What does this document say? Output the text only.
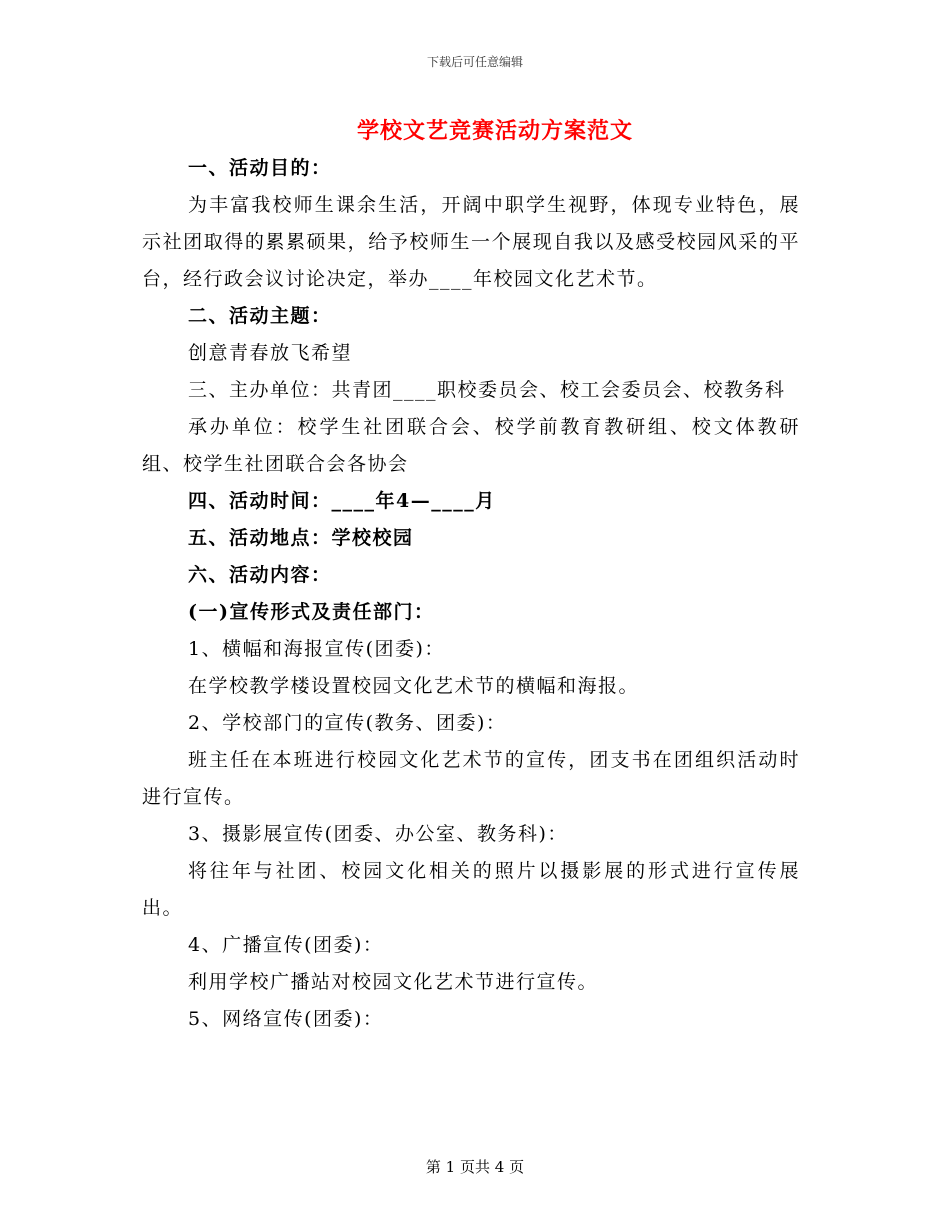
下载后可任意编辑
学校文艺竞赛活动方案范文

一、活动目的：

为丰富我校师生课余生活，开阔中职学生视野，体现专业特色，展示社团取得的累累硕果，给予校师生一个展现自我以及感受校园风采的平台，经行政会议讨论决定，举办____年校园文化艺术节。

二、活动主题：

创意青春放飞希望

三、主办单位：共青团____职校委员会、校工会委员会、校教务科

承办单位：校学生社团联合会、校学前教育教研组、校文体教研组、校学生社团联合会各协会

四、活动时间：____年4—____月

五、活动地点：学校校园

六、活动内容：

(一)宣传形式及责任部门：

1、横幅和海报宣传(团委)：

在学校教学楼设置校园文化艺术节的横幅和海报。

2、学校部门的宣传(教务、团委)：

班主任在本班进行校园文化艺术节的宣传，团支书在团组织活动时进行宣传。

3、摄影展宣传(团委、办公室、教务科)：

将往年与社团、校园文化相关的照片以摄影展的形式进行宣传展出。

4、广播宣传(团委)：

利用学校广播站对校园文化艺术节进行宣传。

5、网络宣传(团委)：

第 1 页共 4 页
